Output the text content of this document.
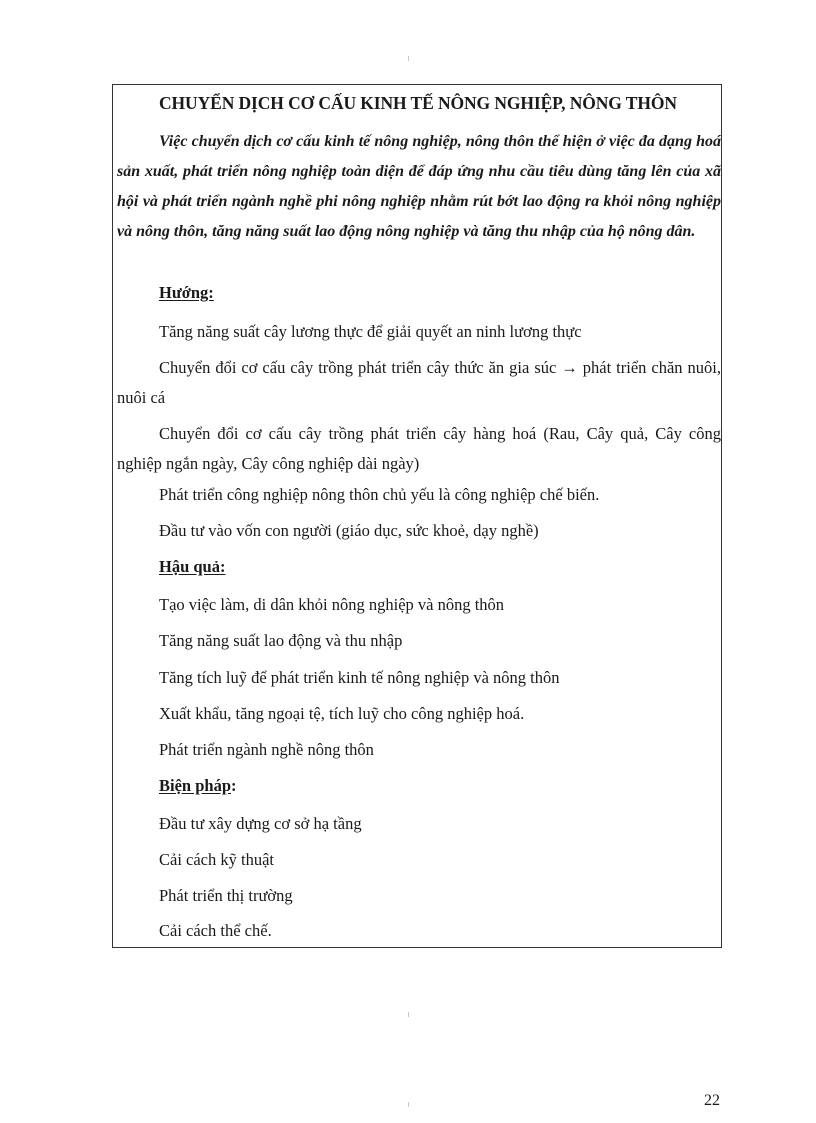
CHUYỂN DỊCH CƠ CẤU KINH TẾ NÔNG NGHIỆP, NÔNG THÔN
Việc chuyển dịch cơ cấu kinh tế nông nghiệp, nông thôn thể hiện ở việc đa dạng hoá sản xuất, phát triển nông nghiệp toàn diện để đáp ứng nhu cầu tiêu dùng tăng lên của xã hội và phát triển ngành nghề phi nông nghiệp nhằm rút bớt lao động ra khỏi nông nghiệp và nông thôn, tăng năng suất lao động nông nghiệp và tăng thu nhập của hộ nông dân.
Hướng:
Tăng năng suất cây lương thực để giải quyết an ninh lương thực
Chuyển đổi cơ cấu cây trồng phát triển cây thức ăn gia súc → phát triển chăn nuôi, nuôi cá
Chuyển đổi cơ cấu cây trồng phát triển cây hàng hoá (Rau, Cây quả, Cây công nghiệp ngắn ngày, Cây công nghiệp dài ngày)
Phát triển công nghiệp nông thôn chủ yếu là công nghiệp chế biến.
Đầu tư vào vốn con người (giáo dục, sức khoẻ, dạy nghề)
Hậu quả:
Tạo việc làm, di dân khỏi nông nghiệp và nông thôn
Tăng năng suất lao động và thu nhập
Tăng tích luỹ để phát triển kinh tế nông nghiệp và nông thôn
Xuất khẩu, tăng ngoại tệ, tích luỹ cho công nghiệp hoá.
Phát triển ngành nghề nông thôn
Biện pháp:
Đầu tư xây dựng cơ sở hạ tầng
Cải cách kỹ thuật
Phát triển thị trường
Cải cách thể chế.
22
